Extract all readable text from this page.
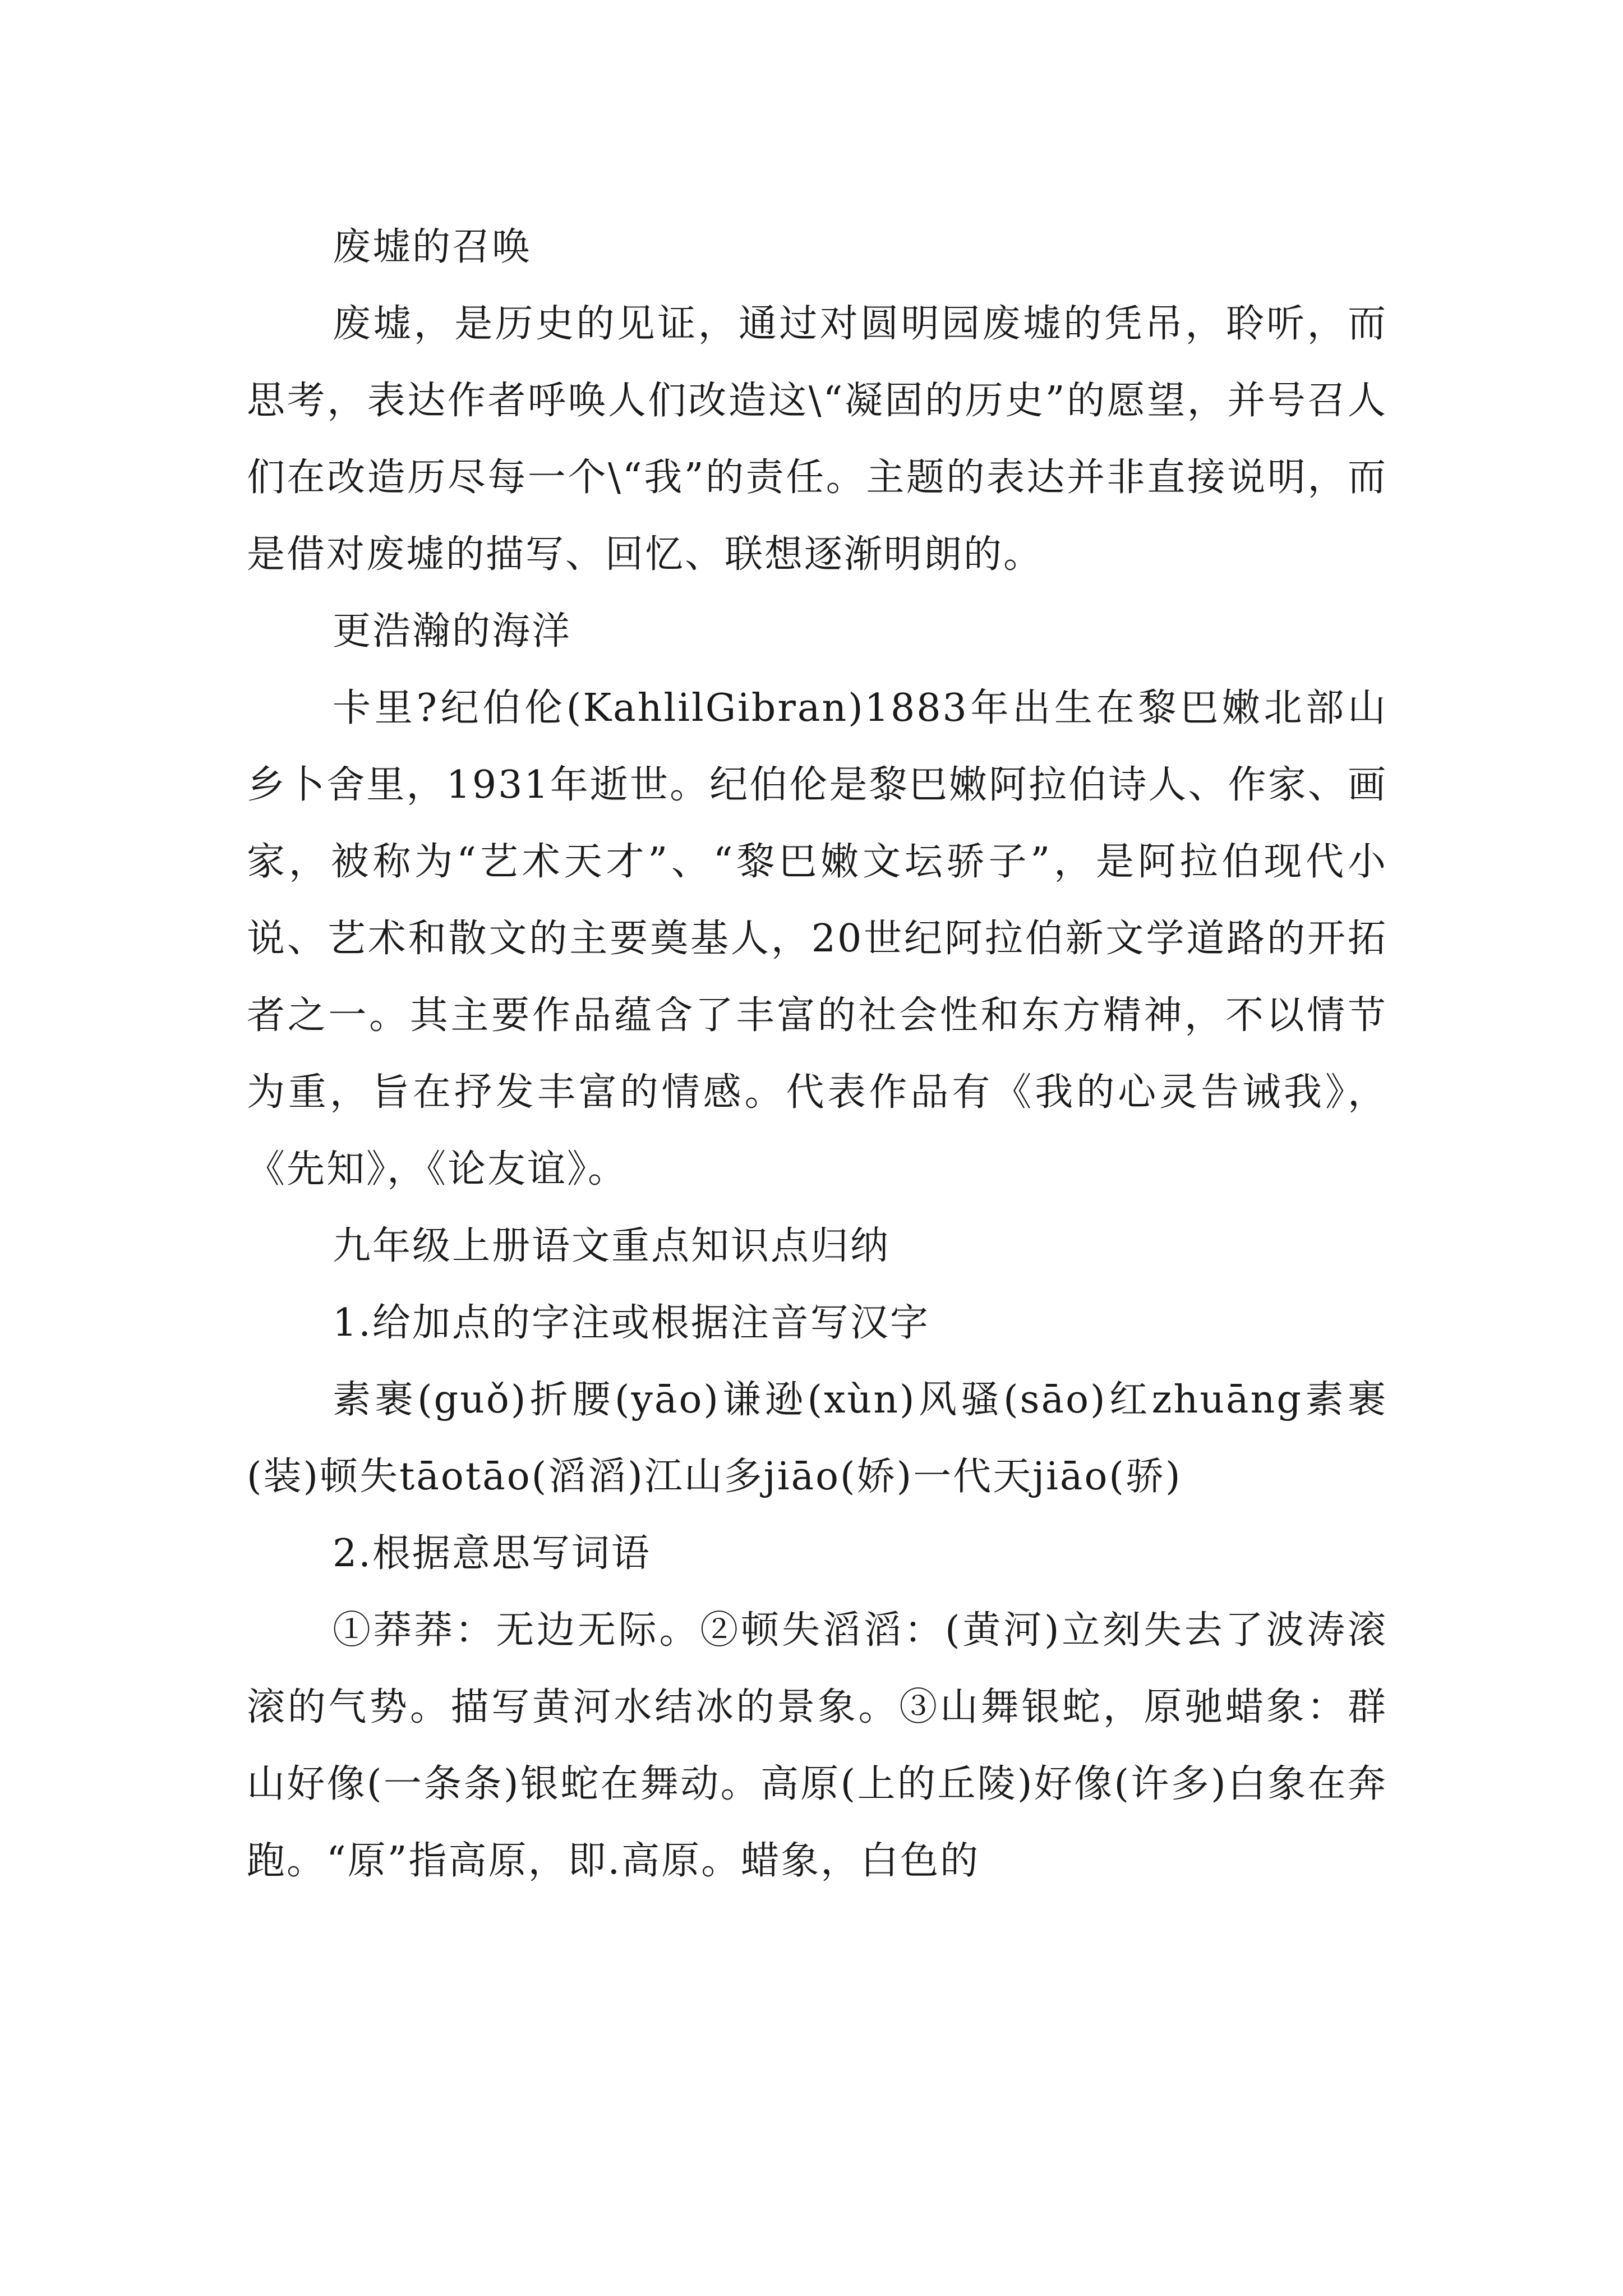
废墟的召唤

废墟，是历史的见证，通过对圆明园废墟的凭吊，聆听，而思考，表达作者呼唤人们改造这\“凝固的历史”的愿望，并号召人们在改造历尽每一个\“我”的责任。主题的表达并非直接说明，而是借对废墟的描写、回忆、联想逐渐明朗的。

更浩瀚的海洋

卡里?纪伯伦(KahlilGibran)1883年出生在黎巴嫩北部山乡卜舍里，1931年逝世。纪伯伦是黎巴嫩阿拉伯诗人、作家、画家，被称为“艺术天才”、“黎巴嫩文坛骄子”，是阿拉伯现代小说、艺术和散文的主要奠基人，20世纪阿拉伯新文学道路的开拓者之一。其主要作品蕴含了丰富的社会性和东方精神，不以情节为重，旨在抒发丰富的情感。代表作品有《我的心灵告诫我》，《先知》，《论友谊》。

九年级上册语文重点知识点归纳

1.给加点的字注或根据注音写汉字

素裹(guǒ)折腰(yāo)谦逊(xùn)风骚(sāo)红zhuāng素裹(装)顿失tāotāo(滔滔)江山多jiāo(娇)一代天jiāo(骄)

2.根据意思写词语

①莽莽：无边无际。②顿失滔滔：(黄河)立刻失去了波涛滚滚的气势。描写黄河水结冰的景象。③山舞银蛇，原驰蜡象：群山好像(一条条)银蛇在舞动。高原(上的丘陵)好像(许多)白象在奔跑。“原”指高原，即.高原。蜡象，白色的
